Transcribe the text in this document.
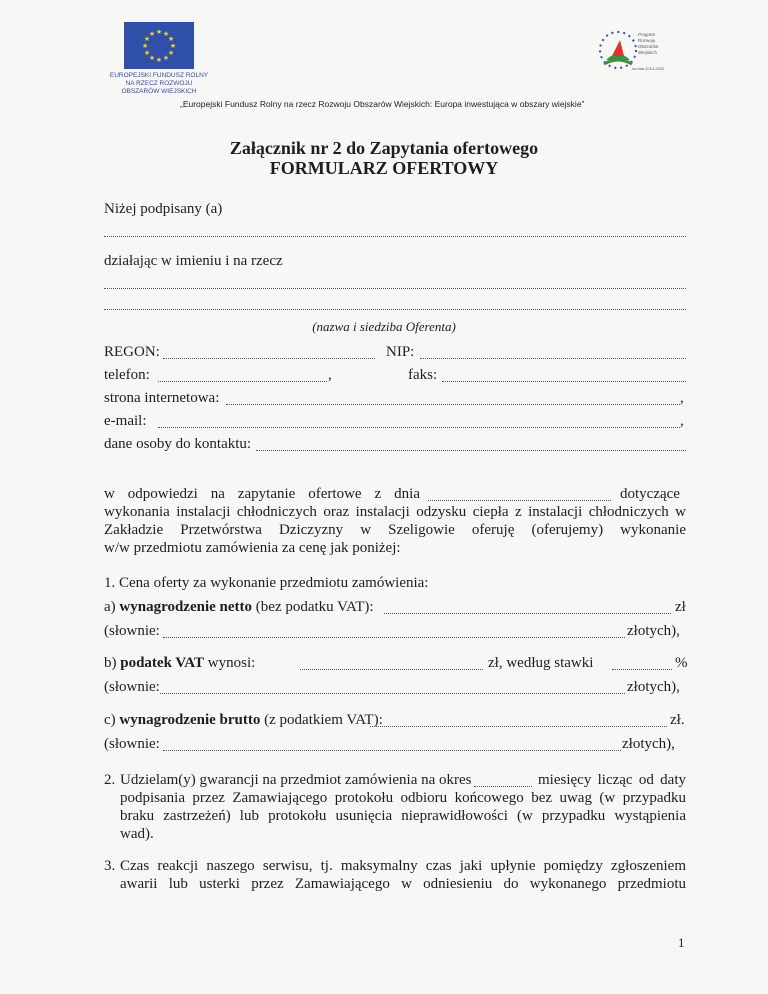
★ ★
★
★
★
★
★
★
★
★
★
★
EUROPEJSKI FUNDUSZ ROLNY
NA RZECZ ROZWOJU
OBSZARÓW WIEJSKICH
Program
Rozwoju
Obszarów
Wiejskich
na lata 2014-2020
„Europejski Fundusz Rolny na rzecz Rozwoju Obszarów Wiejskich: Europa inwestująca w obszary wiejskie”
Załącznik nr 2 do Zapytania ofertowego
FORMULARZ OFERTOWY
Niżej podpisany (a)
działając w imieniu i na rzecz
(nazwa i siedziba Oferenta)
REGON:	NIP:
telefon:	,	faks:
strona internetowa:	,
e-mail:	,
dane osoby do kontaktu:
w odpowiedzi na zapytanie ofertowe z dnia	dotyczące
wykonania instalacji chłodniczych oraz instalacji odzysku ciepła z instalacji chłodniczych w
Zakładzie Przetwórstwa Dziczyzny w Szeligowie oferuję (oferujemy) wykonanie
w/w przedmiotu zamówienia za cenę jak poniżej:
1. Cena oferty za wykonanie przedmiotu zamówienia:
a) wynagrodzenie netto (bez podatku VAT):	zł
(słownie:	złotych),
b) podatek VAT wynosi:	zł, według stawki	%
(słownie:	złotych),
c) wynagrodzenie brutto (z podatkiem VAT):	zł.
(słownie:	złotych),
2. Udzielam(y) gwarancji na przedmiot zamówienia na okres	miesięcy licząc od daty
podpisania przez Zamawiającego protokołu odbioru końcowego bez uwag (w przypadku
braku zastrzeżeń) lub protokołu usunięcia nieprawidłowości (w przypadku wystąpienia
wad).
3. Czas reakcji naszego serwisu, tj. maksymalny czas jaki upłynie pomiędzy zgłoszeniem
awarii lub usterki przez Zamawiającego w odniesieniu do wykonanego przedmiotu
1
